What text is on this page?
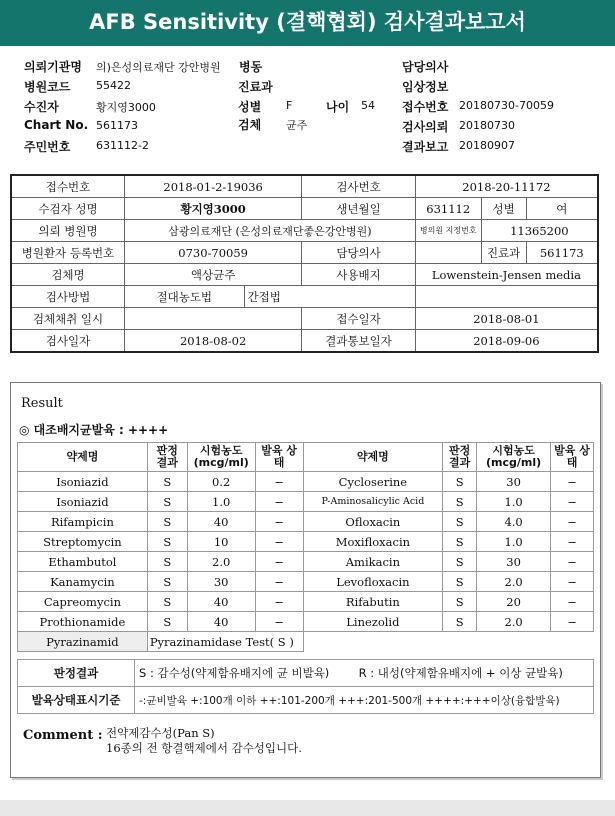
AFB Sensitivity (결핵협회) 검사결과보고서
의뢰기관명 의)은성의료재단 강안병원 병동
병원코드 55422	진료과
수진자	황지영3000	성별 F	나이 54
Chart No. 561173	검체 균주
주민번호 631112-2
담당의사
임상정보
접수번호 20180730-70059
검사의뢰 20180730
결과보고 20180907
접수번호	2018-01-2-19036		검사번호	2018-20-11172		
수검자 성명	황지영3000		생년월일	631112	성별	여
의뢰 병원명	삼광의료재단 (은성의료재단좋은강안병원)			병의원 지정번호	11365200	
병원환자 등록번호	0730-70059		담당의사		진료과	561173
검체명	액상균주		사용배지	Lowenstein-Jensen media		
검사방법	절대농도법	간접법				
검체채취 일시			접수일자	2018-08-01		
검사일자	2018-08-02		결과통보일자	2018-09-06		
Result
◎ 대조배지균발육 : ++++
약제명	판정 결과	시험농도 (mcg/ml)	발육 상태	약제명	판정 결과	시험농도 (mcg/ml)	발육 상태
Isoniazid	S	0.2	−	Cycloserine	S	30	−
Isoniazid	S	1.0	−	P-Aminosalicylic Acid	S	1.0	−
Rifampicin	S	40	−	Ofloxacin	S	4.0	−
Streptomycin	S	10	−	Moxifloxacin	S	1.0	−
Ethambutol	S	2.0	−	Amikacin	S	30	−
Kanamycin	S	30	−	Levofloxacin	S	2.0	−
Capreomycin	S	40	−	Rifabutin	S	20	−
Prothionamide	S	40	−	Linezolid	S	2.0	−
Pyrazinamid	Pyrazinamidase Test( S )						
판정결과	S : 감수성(약제함유배지에 균 비발육) R : 내성(약제함유배지에 + 이상 균발육)
발육상태표시기준	-:균비발육 +:100개 이하 ++:101-200개 +++:201-500개 ++++:+++이상(융합발육)
Comment : 전약제감수성(Pan S)
16종의 전 항결핵제에서 감수성입니다.
